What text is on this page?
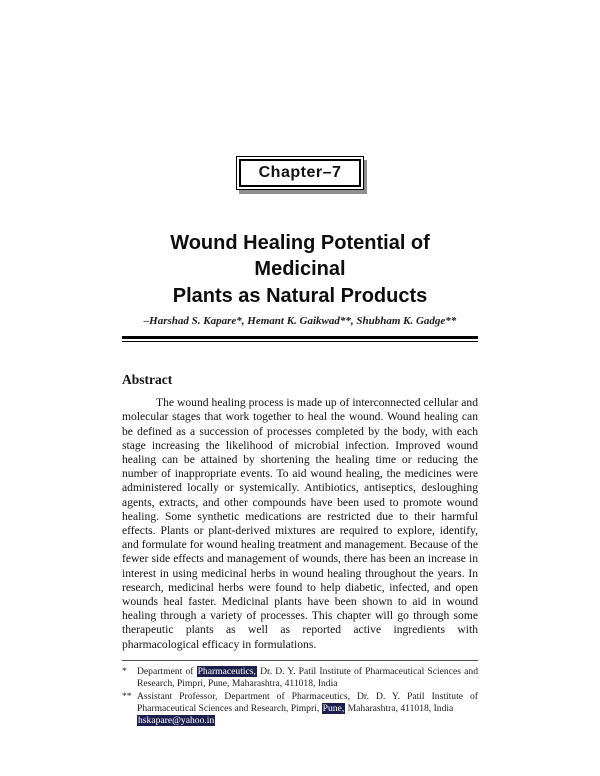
Chapter–7
Wound Healing Potential of Medicinal
Plants as Natural Products
–Harshad S. Kapare*, Hemant K. Gaikwad**, Shubham K. Gadge**
Abstract

The wound healing process is made up of interconnected cellular and molecular stages that work together to heal the wound. Wound healing can be defined as a succession of processes completed by the body, with each stage increasing the likelihood of microbial infection. Improved wound healing can be attained by shortening the healing time or reducing the number of inappropriate events. To aid wound healing, the medicines were administered locally or systemically. Antibiotics, antiseptics, desloughing agents, extracts, and other compounds have been used to promote wound healing. Some synthetic medications are restricted due to their harmful effects. Plants or plant-derived mixtures are required to explore, identify, and formulate for wound healing treatment and management. Because of the fewer side effects and management of wounds, there has been an increase in interest in using medicinal herbs in wound healing throughout the years. In research, medicinal herbs were found to help diabetic, infected, and open wounds heal faster. Medicinal plants have been shown to aid in wound healing through a variety of processes. This chapter will go through some therapeutic plants as well as reported active ingredients with pharmacological efficacy in formulations.

*	Department of Pharmaceutics, Dr. D. Y. Patil Institute of Pharmaceutical Sciences and Research, Pimpri, Pune, Maharashtra, 411018, India
** Assistant Professor, Department of Pharmaceutics, Dr. D. Y. Patil Institute of Pharmaceutical Sciences and Research, Pimpri, Pune, Maharashtra, 411018, India
hskapare@yahoo.in
